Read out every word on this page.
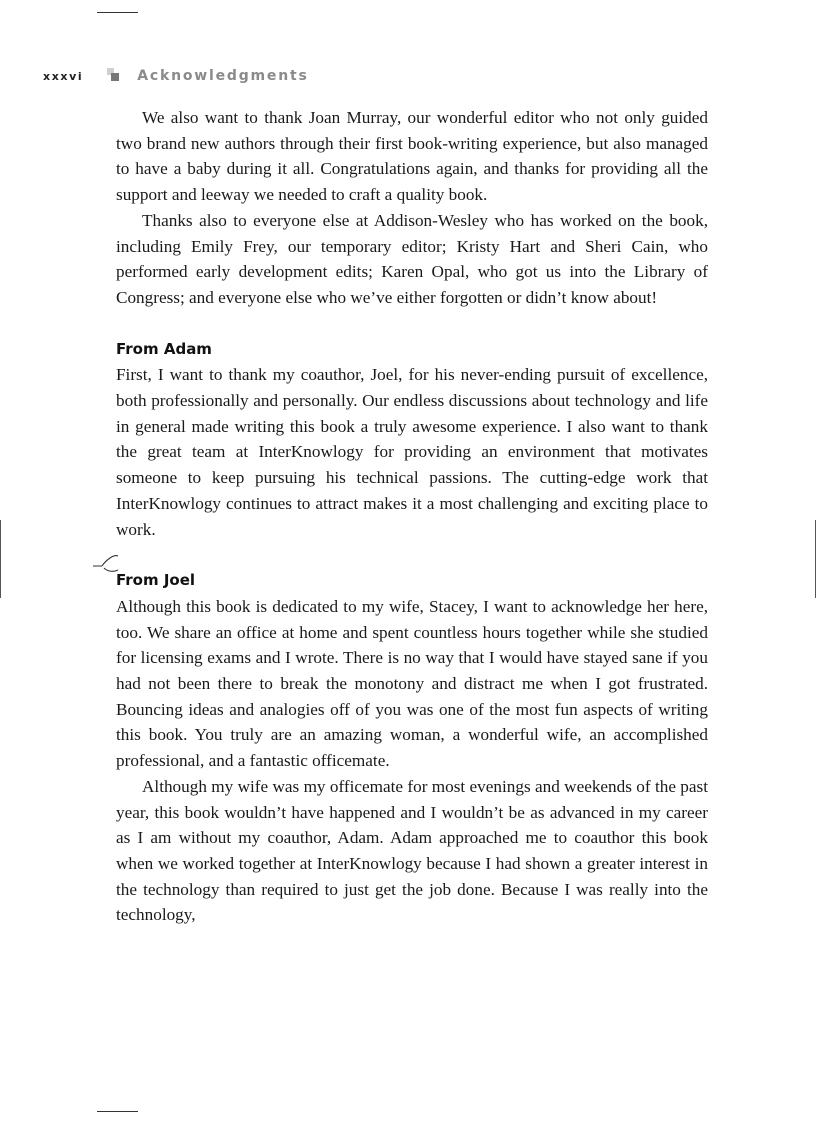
xxxvi	Acknowledgments

We also want to thank Joan Murray, our wonderful editor who not only guided two brand new authors through their first book-writing experience, but also managed to have a baby during it all. Congratulations again, and thanks for providing all the support and leeway we needed to craft a quality book.

Thanks also to everyone else at Addison-Wesley who has worked on the book, including Emily Frey, our temporary editor; Kristy Hart and Sheri Cain, who performed early development edits; Karen Opal, who got us into the Library of Congress; and everyone else who we’ve either forgotten or didn’t know about!

From Adam

First, I want to thank my coauthor, Joel, for his never-ending pursuit of excellence, both professionally and personally. Our endless discussions about technology and life in general made writing this book a truly awesome experience. I also want to thank the great team at InterKnowlogy for providing an environment that motivates someone to keep pursuing his technical passions. The cutting-edge work that InterKnowlogy continues to attract makes it a most challenging and exciting place to work.

From Joel

Although this book is dedicated to my wife, Stacey, I want to acknowledge her here, too. We share an office at home and spent countless hours together while she studied for licensing exams and I wrote. There is no way that I would have stayed sane if you had not been there to break the monotony and distract me when I got frustrated. Bouncing ideas and analogies off of you was one of the most fun aspects of writing this book. You truly are an amazing woman, a wonderful wife, an accomplished professional, and a fantastic officemate.

Although my wife was my officemate for most evenings and weekends of the past year, this book wouldn’t have happened and I wouldn’t be as advanced in my career as I am without my coauthor, Adam. Adam approached me to coauthor this book when we worked together at InterKnowlogy because I had shown a greater interest in the technology than required to just get the job done. Because I was really into the technology,
